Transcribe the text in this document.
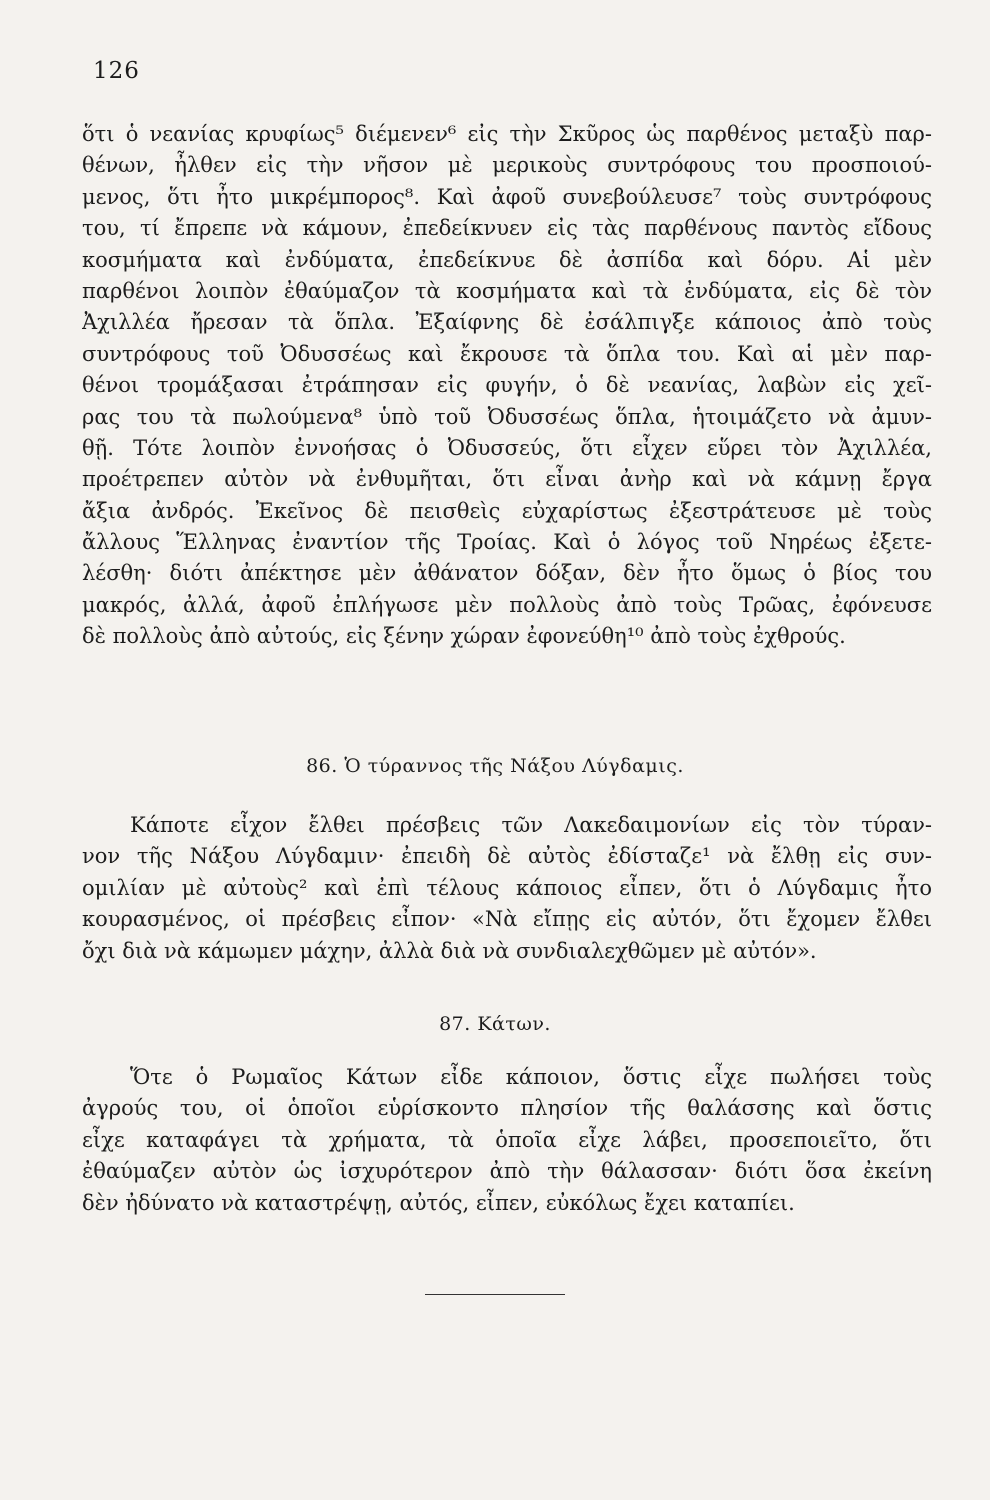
126
ὅτι ὁ νεανίας κρυφίως⁵ διέμενεν⁶ εἰς τὴν Σκῦρος ὡς παρθένος μεταξὺ παρ-
θένων, ἦλθεν εἰς τὴν νῆσον μὲ μερικοὺς συντρόφους του προσποιού-
μενος, ὅτι ἦτο μικρέμπορος⁸. Καὶ ἀφοῦ συνεβούλευσε⁷ τοὺς συντρόφους
του, τί ἔπρεπε νὰ κάμουν, ἐπεδείκνυεν εἰς τὰς παρθένους παντὸς εἴδους
κοσμήματα καὶ ἐνδύματα, ἐπεδείκνυε δὲ ἀσπίδα καὶ δόρυ. Αἱ μὲν
παρθένοι λοιπὸν ἐθαύμαζον τὰ κοσμήματα καὶ τὰ ἐνδύματα, εἰς δὲ τὸν
Ἀχιλλέα ἤρεσαν τὰ ὅπλα. Ἐξαίφνης δὲ ἐσάλπιγξε κάποιος ἀπὸ τοὺς
συντρόφους τοῦ Ὀδυσσέως καὶ ἔκρουσε τὰ ὅπλα του. Καὶ αἱ μὲν παρ-
θένοι τρομάξασαι ἐτράπησαν εἰς φυγήν, ὁ δὲ νεανίας, λαβὼν εἰς χεῖ-
ρας του τὰ πωλούμενα⁸ ὑπὸ τοῦ Ὀδυσσέως ὅπλα, ἡτοιμάζετο νὰ ἀμυν-
θῇ. Τότε λοιπὸν ἐννοήσας ὁ Ὀδυσσεύς, ὅτι εἶχεν εὕρει τὸν Ἀχιλλέα,
προέτρεπεν αὐτὸν νὰ ἐνθυμῆται, ὅτι εἶναι ἀνὴρ καὶ νὰ κάμνῃ ἔργα
ἄξια ἀνδρός. Ἐκεῖνος δὲ πεισθεὶς εὐχαρίστως ἐξεστράτευσε μὲ τοὺς
ἄλλους Ἕλληνας ἐναντίον τῆς Τροίας. Καὶ ὁ λόγος τοῦ Νηρέως ἐξετε-
λέσθη· διότι ἀπέκτησε μὲν ἀθάνατον δόξαν, δὲν ἦτο ὅμως ὁ βίος του
μακρός, ἀλλά, ἀφοῦ ἐπλήγωσε μὲν πολλοὺς ἀπὸ τοὺς Τρῶας, ἐφόνευσε
δὲ πολλοὺς ἀπὸ αὐτούς, εἰς ξένην χώραν ἐφονεύθη¹⁰ ἀπὸ τοὺς ἐχθρούς.
86. Ὁ τύραννος τῆς Νάξου Λύγδαμις.
Κάποτε εἶχον ἔλθει πρέσβεις τῶν Λακεδαιμονίων εἰς τὸν τύραν-
νον τῆς Νάξου Λύγδαμιν· ἐπειδὴ δὲ αὐτὸς ἐδίσταζε¹ νὰ ἔλθῃ εἰς συν-
ομιλίαν μὲ αὐτοὺς² καὶ ἐπὶ τέλους κάποιος εἶπεν, ὅτι ὁ Λύγδαμις ἦτο
κουρασμένος, οἱ πρέσβεις εἶπον· «Νὰ εἴπῃς εἰς αὐτόν, ὅτι ἔχομεν ἔλθει
ὄχι διὰ νὰ κάμωμεν μάχην, ἀλλὰ διὰ νὰ συνδιαλεχθῶμεν μὲ αὐτόν».
87. Κάτων.
Ὅτε ὁ Ρωμαῖος Κάτων εἶδε κάποιον, ὅστις εἶχε πωλήσει τοὺς
ἀγρούς του, οἱ ὁποῖοι εὑρίσκοντο πλησίον τῆς θαλάσσης καὶ ὅστις
εἶχε καταφάγει τὰ χρήματα, τὰ ὁποῖα εἶχε λάβει, προσεποιεῖτο, ὅτι
ἐθαύμαζεν αὐτὸν ὡς ἰσχυρότερον ἀπὸ τὴν θάλασσαν· διότι ὅσα ἐκείνη
δὲν ἠδύνατο νὰ καταστρέψῃ, αὐτός, εἶπεν, εὐκόλως ἔχει καταπίει.
